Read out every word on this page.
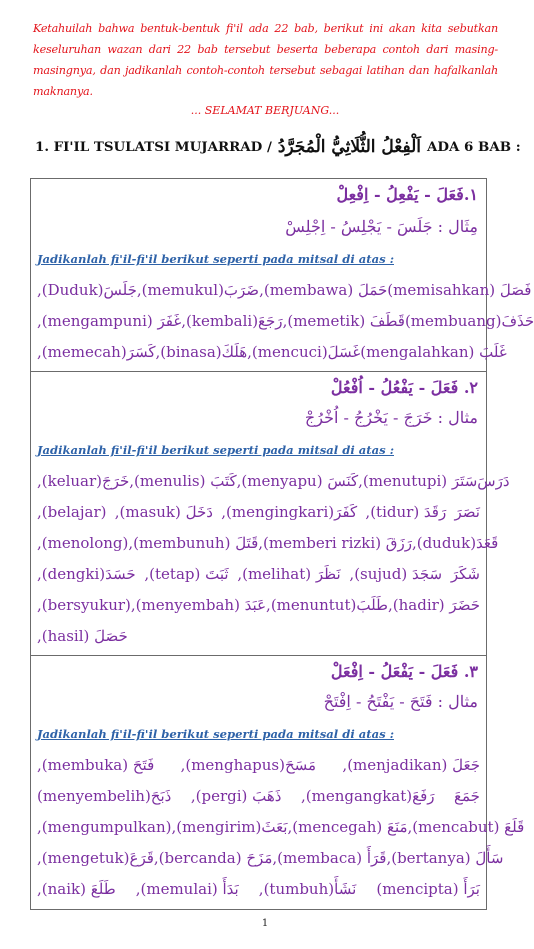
Ketahuilah bahwa bentuk-bentuk fi'il ada 22 bab, berikut ini akan kita sebutkan keseluruhan wazan dari 22 bab tersebut beserta beberapa contoh dari masing-masingnya, dan jadikanlah contoh-contoh tersebut sebagai latihan dan hafalkanlah maknanya.
... SELAMAT BERJUANG...
1. FI'IL TSULATSI MUJARRAD / اَلْفِعْلُ الثُّلَاثِيُّ الْمُجَرَّدُ ADA 6 BAB :
١.فَعَلَ - يَفْعِلُ - اِفْعِلْ
مِثَال : جَلَسَ - يَجْلِسُ - اِجْلِسْ
Jadikanlah fi'il-fi'il berikut seperti pada mitsal di atas :
جَلَسَ(Duduk), ضَرَبَ(memukul), حَمَلَ (membawa), فَصَلَ (memisahkan)
غَفَرَ (mengampuni), رَجَعَ(kembali), قَطَفَ (memetik), حَذَفَ(membuang)
كَسَرَ(memecah), هَلَكَ(binasa), غَسَلَ(mencuci), غَلَبَ (mengalahkan)
٢. فَعَلَ - يَفْعُلُ - اُفْعُلْ
مثال : خَرَجَ - يَخْرُجُ - اُخْرُجْ
Jadikanlah fi'il-fi'il berikut seperti pada mitsal di atas :
خَرَجَ(keluar), كَتَبَ (menulis), كَنَسَ (menyapu), سَتَرَ (menutupi), دَرَسَ
(belajar), دَخَلَ (masuk), كَفَرَ(mengingkari), رَقَدَ (tidur), نَصَرَ
(menolong), قَتَلَ (membunuh), رَزَقَ (memberi rizki), قَعَدَ(duduk),
حَسَدَ(dengki), ثَبَتَ (tetap), نَظَرَ (melihat), سَجَدَ (sujud), شَكَرَ
(bersyukur), عَبَدَ (menyembah), طَلَبَ(menuntut), حَضَرَ (hadir),
حَصَلَ (hasil),
٣. فَعَلَ - يَفْعَلُ - اِفْعَلْ
مثال : فَتَحَ - يَفْتَحُ - اِفْتَحْ
Jadikanlah fi'il-fi'il berikut seperti pada mitsal di atas :
فَتَحَ (membuka), مَسَحَ(menghapus), جَعَلَ (menjadikan),
ذَبَحَ(menyembelih) ذَهَبَ (pergi), رَفَعَ(mengangkat), جَمَعَ
(mengumpulkan), بَعَثَ(mengirim), مَنَعَ (mencegah), قَلَعَ (mencabut),
قَرَعَ(mengetuk), مَزَحَ (bercanda), قَرَأَ (membaca), سَأَلَ (bertanya),
طَلَعَ (naik), بَدَأَ (memulai), نَشَأَ(tumbuh), بَرَأَ (mencipta)
1
